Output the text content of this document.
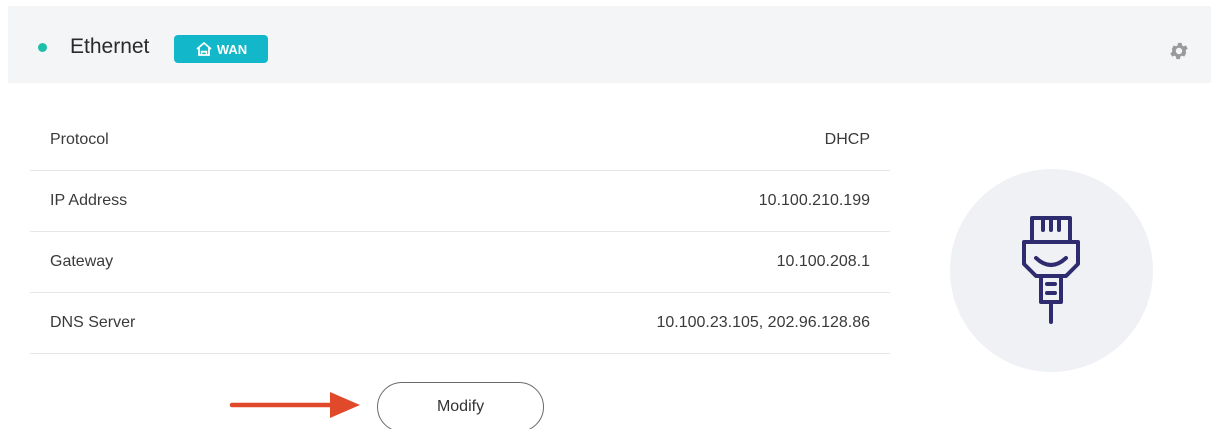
Ethernet	WAN
Protocol	DHCP
IP Address	10.100.210.199
Gateway	10.100.208.1
DNS Server	10.100.23.105, 202.96.128.86
Modify
